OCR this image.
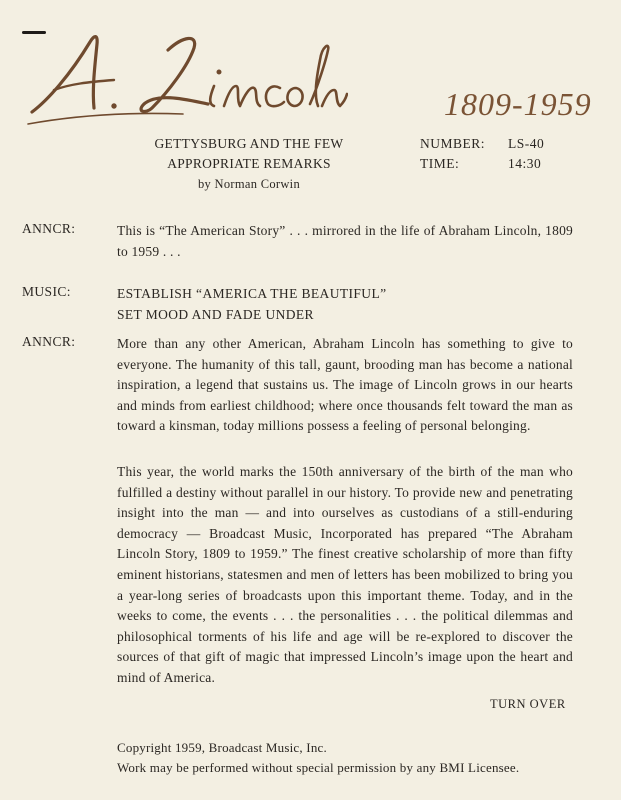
1809-1959
GETTYSBURG AND THE FEW
APPROPRIATE REMARKS
by Norman Corwin
NUMBER:	LS-40
TIME:	14:30
ANNCR:	This is “The American Story” . . . mirrored in the life of Abraham Lincoln, 1809 to 1959 . . .
MUSIC:	ESTABLISH “AMERICA THE BEAUTIFUL”
SET MOOD AND FADE UNDER
ANNCR:	More than any other American, Abraham Lincoln has something to give to everyone. The humanity of this tall, gaunt, brooding man has become a national inspiration, a legend that sustains us. The image of Lincoln grows in our hearts and minds from earliest childhood; where once thousands felt toward the man as toward a kinsman, today millions possess a feeling of personal belonging.
This year, the world marks the 150th anniversary of the birth of the man who fulfilled a destiny without parallel in our history. To provide new and penetrating insight into the man — and into ourselves as custodians of a still-enduring democracy — Broadcast Music, Incorporated has prepared “The Abraham Lincoln Story, 1809 to 1959.” The finest creative scholarship of more than fifty eminent historians, statesmen and men of letters has been mobilized to bring you a year-long series of broadcasts upon this important theme. Today, and in the weeks to come, the events . . . the personalities . . . the political dilemmas and philosophical torments of his life and age will be re-explored to discover the sources of that gift of magic that impressed Lincoln’s image upon the heart and mind of America.
TURN OVER
Copyright 1959, Broadcast Music, Inc.
Work may be performed without special permission by any BMI Licensee.
